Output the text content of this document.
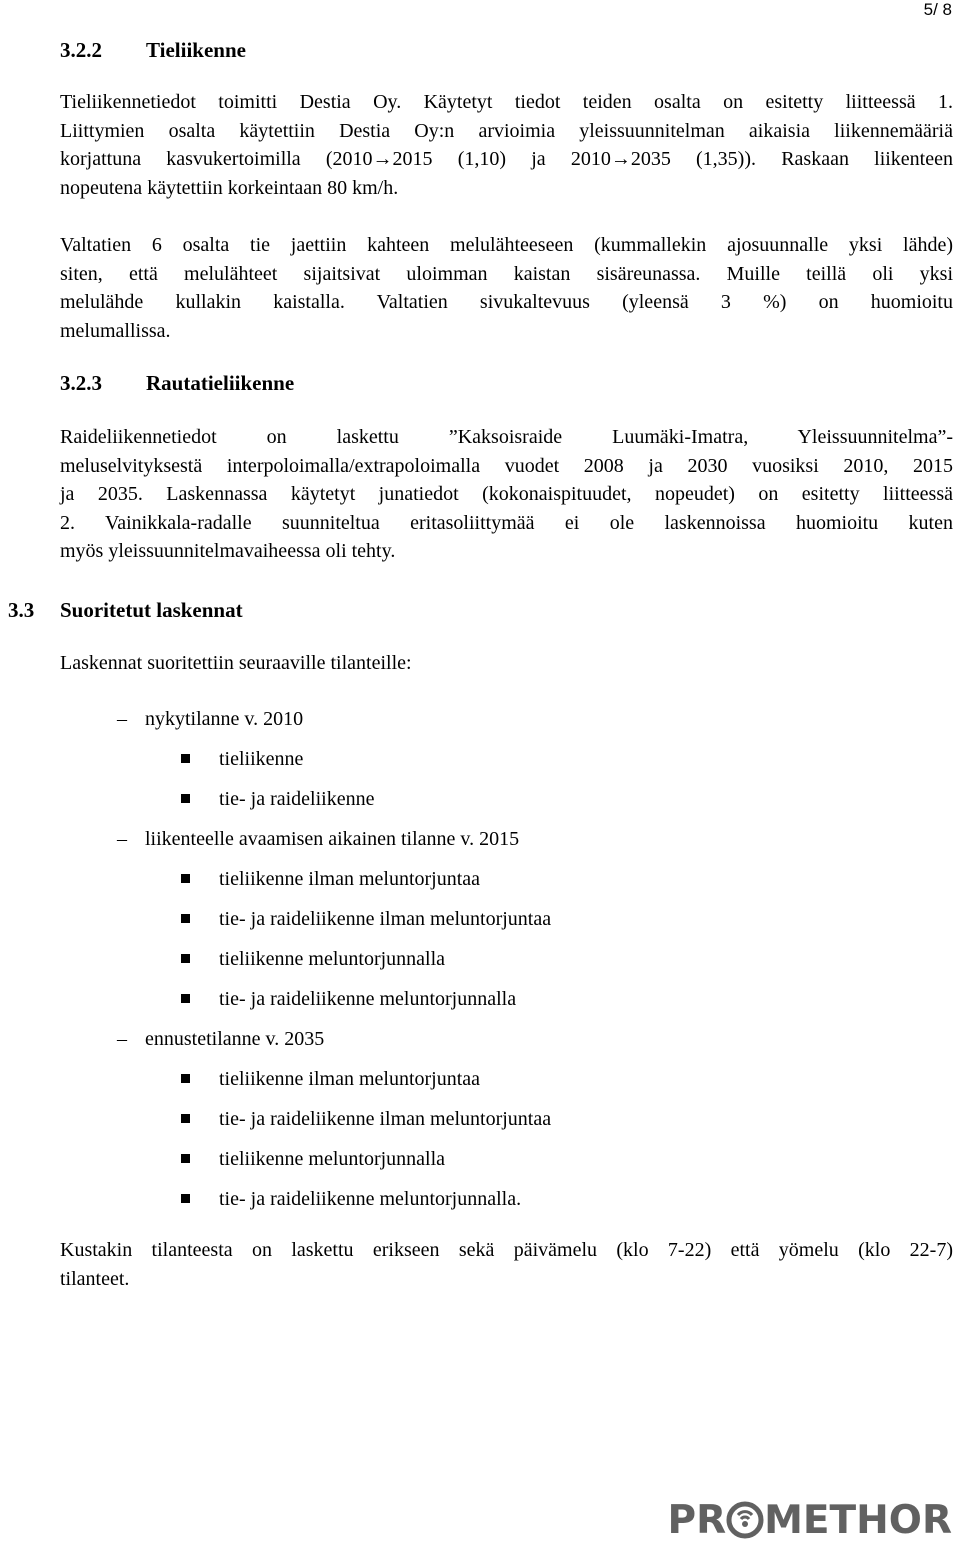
5/ 8
3.2.2 Tieliikenne
Tieliikennetiedot toimitti Destia Oy. Käytetyt tiedot teiden osalta on esitetty liitteessä 1.
Liittymien osalta käytettiin Destia Oy:n arvioimia yleissuunnitelman aikaisia liikennemääriä
korjattuna kasvukertoimilla (2010→2015 (1,10) ja 2010→2035 (1,35)). Raskaan liikenteen
nopeutena käytettiin korkeintaan 80 km/h.
Valtatien 6 osalta tie jaettiin kahteen melulähteeseen (kummallekin ajosuunnalle yksi lähde)
siten, että melulähteet sijaitsivat uloimman kaistan sisäreunassa. Muille teillä oli yksi
melulähde kullakin kaistalla. Valtatien sivukaltevuus (yleensä 3 %) on huomioitu
melumallissa.
3.2.3 Rautatieliikenne
Raideliikennetiedot on laskettu ”Kaksoisraide Luumäki-Imatra, Yleissuunnitelma”-
meluselvityksestä interpoloimalla/extrapoloimalla vuodet 2008 ja 2030 vuosiksi 2010, 2015
ja 2035. Laskennassa käytetyt junatiedot (kokonaispituudet, nopeudet) on esitetty liitteessä
2. Vainikkala-radalle suunniteltua eritasoliittymää ei ole laskennoissa huomioitu kuten
myös yleissuunnitelmavaiheessa oli tehty.
3.3 Suoritetut laskennat
Laskennat suoritettiin seuraaville tilanteille:
– nykytilanne v. 2010
tieliikenne
tie- ja raideliikenne
– liikenteelle avaamisen aikainen tilanne v. 2015
tieliikenne ilman meluntorjuntaa
tie- ja raideliikenne ilman meluntorjuntaa
tieliikenne meluntorjunnalla
tie- ja raideliikenne meluntorjunnalla
– ennustetilanne v. 2035
tieliikenne ilman meluntorjuntaa
tie- ja raideliikenne ilman meluntorjuntaa
tieliikenne meluntorjunnalla
tie- ja raideliikenne meluntorjunnalla.
Kustakin tilanteesta on laskettu erikseen sekä päivämelu (klo 7-22) että yömelu (klo 22-7)
tilanteet.
PR METHOR
